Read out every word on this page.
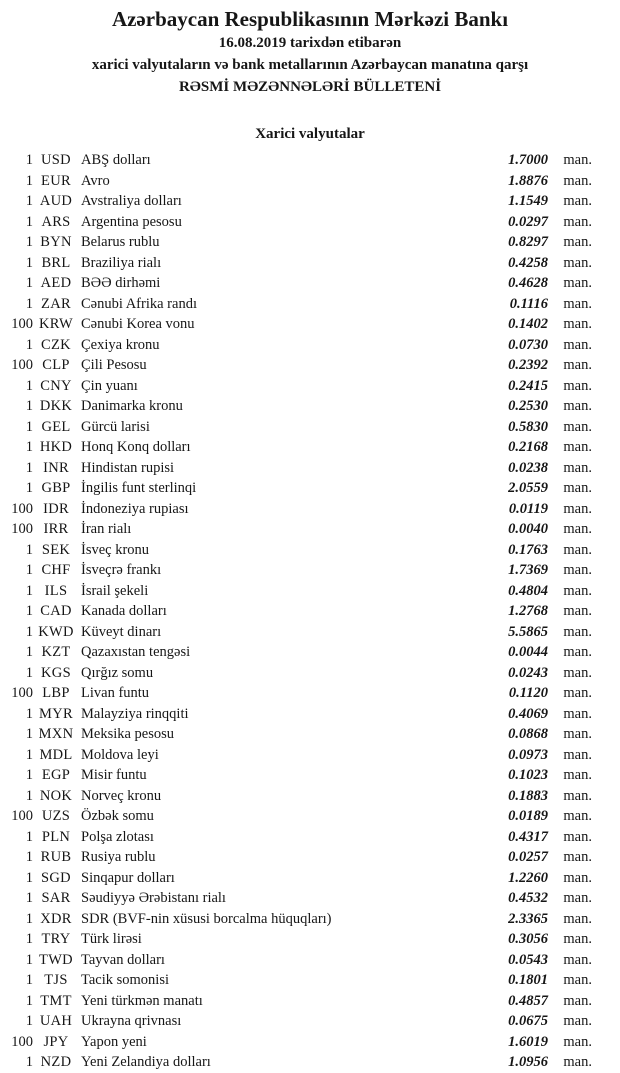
Azərbaycan Respublikasının Mərkəzi Bankı
16.08.2019 tarixdən etibarən
xarici valyutaların və bank metallarının Azərbaycan manatına qarşı
RƏSMİ MƏZƏNNƏLƏRİ BÜLLETENİ
Xarici valyutalar
1 USD ABŞ dolları	1.7000	man.
1 EUR Avro	1.8876	man.
1 AUD Avstraliya dolları	1.1549	man.
1 ARS Argentina pesosu	0.0297	man.
1 BYN Belarus rublu	0.8297	man.
1 BRL Braziliya rialı	0.4258	man.
1 AED BƏƏ dirhəmi	0.4628	man.
1 ZAR Cənubi Afrika randı	0.1116	man.
100 KRW Cənubi Korea vonu	0.1402	man.
1 CZK Çexiya kronu	0.0730	man.
100 CLP Çili Pesosu	0.2392	man.
1 CNY Çin yuanı	0.2415	man.
1 DKK Danimarka kronu	0.2530	man.
1 GEL Gürcü larisi	0.5830	man.
1 HKD Honq Konq dolları	0.2168	man.
1 INR Hindistan rupisi	0.0238	man.
1 GBP İngilis funt sterlinqi	2.0559	man.
100 IDR İndoneziya rupiası	0.0119	man.
100 IRR İran rialı	0.0040	man.
1 SEK İsveç kronu	0.1763	man.
1 CHF İsveçrə frankı	1.7369	man.
1 ILS İsrail şekeli	0.4804	man.
1 CAD Kanada dolları	1.2768	man.
1 KWD Küveyt dinarı	5.5865	man.
1 KZT Qazaxıstan tengəsi	0.0044	man.
1 KGS Qırğız somu	0.0243	man.
100 LBP Livan funtu	0.1120	man.
1 MYR Malayziya rinqqiti	0.4069	man.
1 MXN Meksika pesosu	0.0868	man.
1 MDL Moldova leyi	0.0973	man.
1 EGP Misir funtu	0.1023	man.
1 NOK Norveç kronu	0.1883	man.
100 UZS Özbək somu	0.0189	man.
1 PLN Polşa zlotası	0.4317	man.
1 RUB Rusiya rublu	0.0257	man.
1 SGD Sinqapur dolları	1.2260	man.
1 SAR Səudiyyə Ərəbistanı rialı	0.4532	man.
1 XDR SDR (BVF-nin xüsusi borcalma hüquqları)	2.3365	man.
1 TRY Türk lirəsi	0.3056	man.
1 TWD Tayvan dolları	0.0543	man.
1 TJS Tacik somonisi	0.1801	man.
1 TMT Yeni türkmən manatı	0.4857	man.
1 UAH Ukrayna qrivnası	0.0675	man.
100 JPY Yapon yeni	1.6019	man.
1 NZD Yeni Zelandiya dolları	1.0956	man.
